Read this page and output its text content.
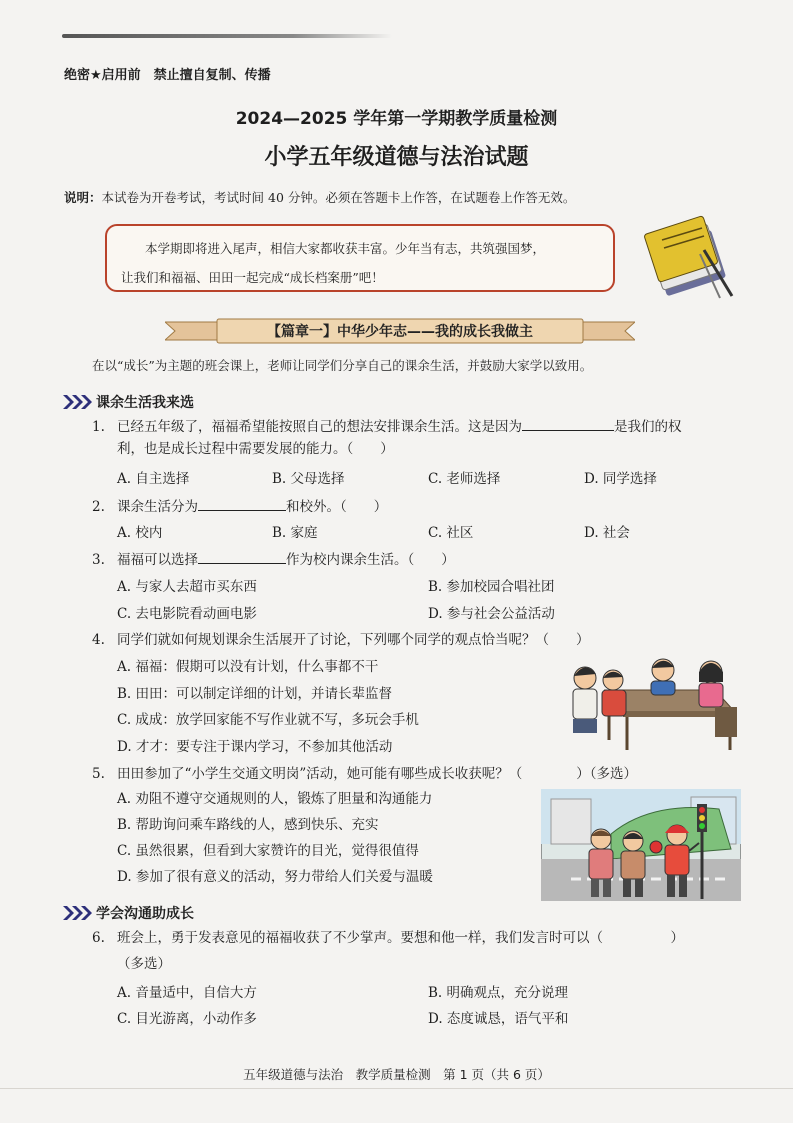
绝密★启用前　禁止擅自复制、传播
2024—2025 学年第一学期教学质量检测
小学五年级道德与法治试题
说明：本试卷为开卷考试，考试时间 40 分钟。必须在答题卡上作答，在试题卷上作答无效。

本学期即将进入尾声，相信大家都收获丰富。少年当有志，共筑强国梦，

让我们和福福、田田一起完成“成长档案册”吧！

【篇章一】中华少年志——我的成长我做主
在以“成长”为主题的班会课上，老师让同学们分享自己的课余生活，并鼓励大家学以致用。
课余生活我来选
1. 已经五年级了，福福希望能按照自己的想法安排课余生活。这是因为	是我们的权
利，也是成长过程中需要发展的能力。（　　）
A. 自主选择	B. 父母选择	C. 老师选择	D. 同学选择
2. 课余生活分为	和校外。（　　）
A. 校内	B. 家庭	C. 社区	D. 社会
3. 福福可以选择	作为校内课余生活。（　　）
A. 与家人去超市买东西	B. 参加校园合唱社团
C. 去电影院看动画电影	D. 参与社会公益活动
4. 同学们就如何规划课余生活展开了讨论，下列哪个同学的观点恰当呢？（　　）
A. 福福：假期可以没有计划，什么事都不干
B. 田田：可以制定详细的计划，并请长辈监督
C. 成成：放学回家能不写作业就不写，多玩会手机
D. 才才：要专注于课内学习，不参加其他活动
5. 田田参加了“小学生交通文明岗”活动，她可能有哪些成长收获呢？（　　　　）（多选）
A. 劝阻不遵守交通规则的人，锻炼了胆量和沟通能力
B. 帮助询问乘车路线的人，感到快乐、充实
C. 虽然很累，但看到大家赞许的目光，觉得很值得
D. 参加了很有意义的活动，努力带给人们关爱与温暖
学会沟通助成长
6. 班会上，勇于发表意见的福福收获了不少掌声。要想和他一样，我们发言时可以（　　　　　）
（多选）
A. 音量适中，自信大方	B. 明确观点，充分说理
C. 目光游离，小动作多	D. 态度诚恳，语气平和
五年级道德与法治　教学质量检测　第 1 页（共 6 页）
